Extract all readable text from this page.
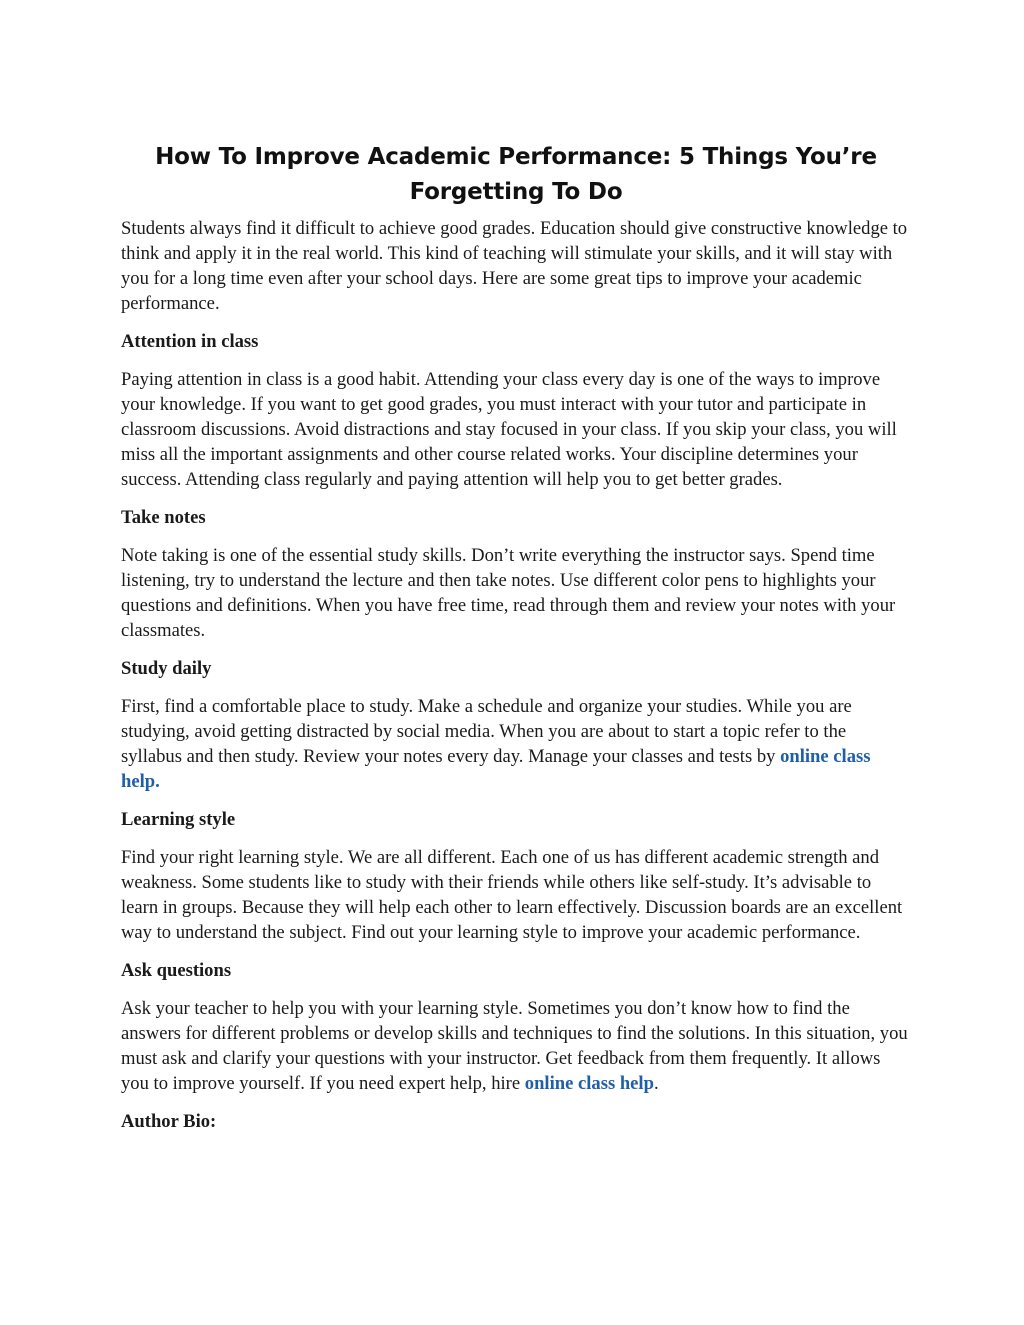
How To Improve Academic Performance: 5 Things You’re
Forgetting To Do

Students always find it difficult to achieve good grades. Education should give constructive knowledge to think and apply it in the real world. This kind of teaching will stimulate your skills, and it will stay with you for a long time even after your school days. Here are some great tips to improve your academic performance.

Attention in class

Paying attention in class is a good habit. Attending your class every day is one of the ways to improve your knowledge. If you want to get good grades, you must interact with your tutor and participate in classroom discussions. Avoid distractions and stay focused in your class. If you skip your class, you will miss all the important assignments and other course related works. Your discipline determines your success. Attending class regularly and paying attention will help you to get better grades.

Take notes

Note taking is one of the essential study skills. Don’t write everything the instructor says. Spend time listening, try to understand the lecture and then take notes. Use different color pens to highlights your questions and definitions. When you have free time, read through them and review your notes with your classmates.

Study daily

First, find a comfortable place to study. Make a schedule and organize your studies. While you are studying, avoid getting distracted by social media. When you are about to start a topic refer to the syllabus and then study. Review your notes every day. Manage your classes and tests by online class help.

Learning style

Find your right learning style. We are all different. Each one of us has different academic strength and weakness. Some students like to study with their friends while others like self-study. It’s advisable to learn in groups. Because they will help each other to learn effectively. Discussion boards are an excellent way to understand the subject. Find out your learning style to improve your academic performance.

Ask questions

Ask your teacher to help you with your learning style. Sometimes you don’t know how to find the answers for different problems or develop skills and techniques to find the solutions. In this situation, you must ask and clarify your questions with your instructor. Get feedback from them frequently. It allows you to improve yourself. If you need expert help, hire online class help.

Author Bio:
